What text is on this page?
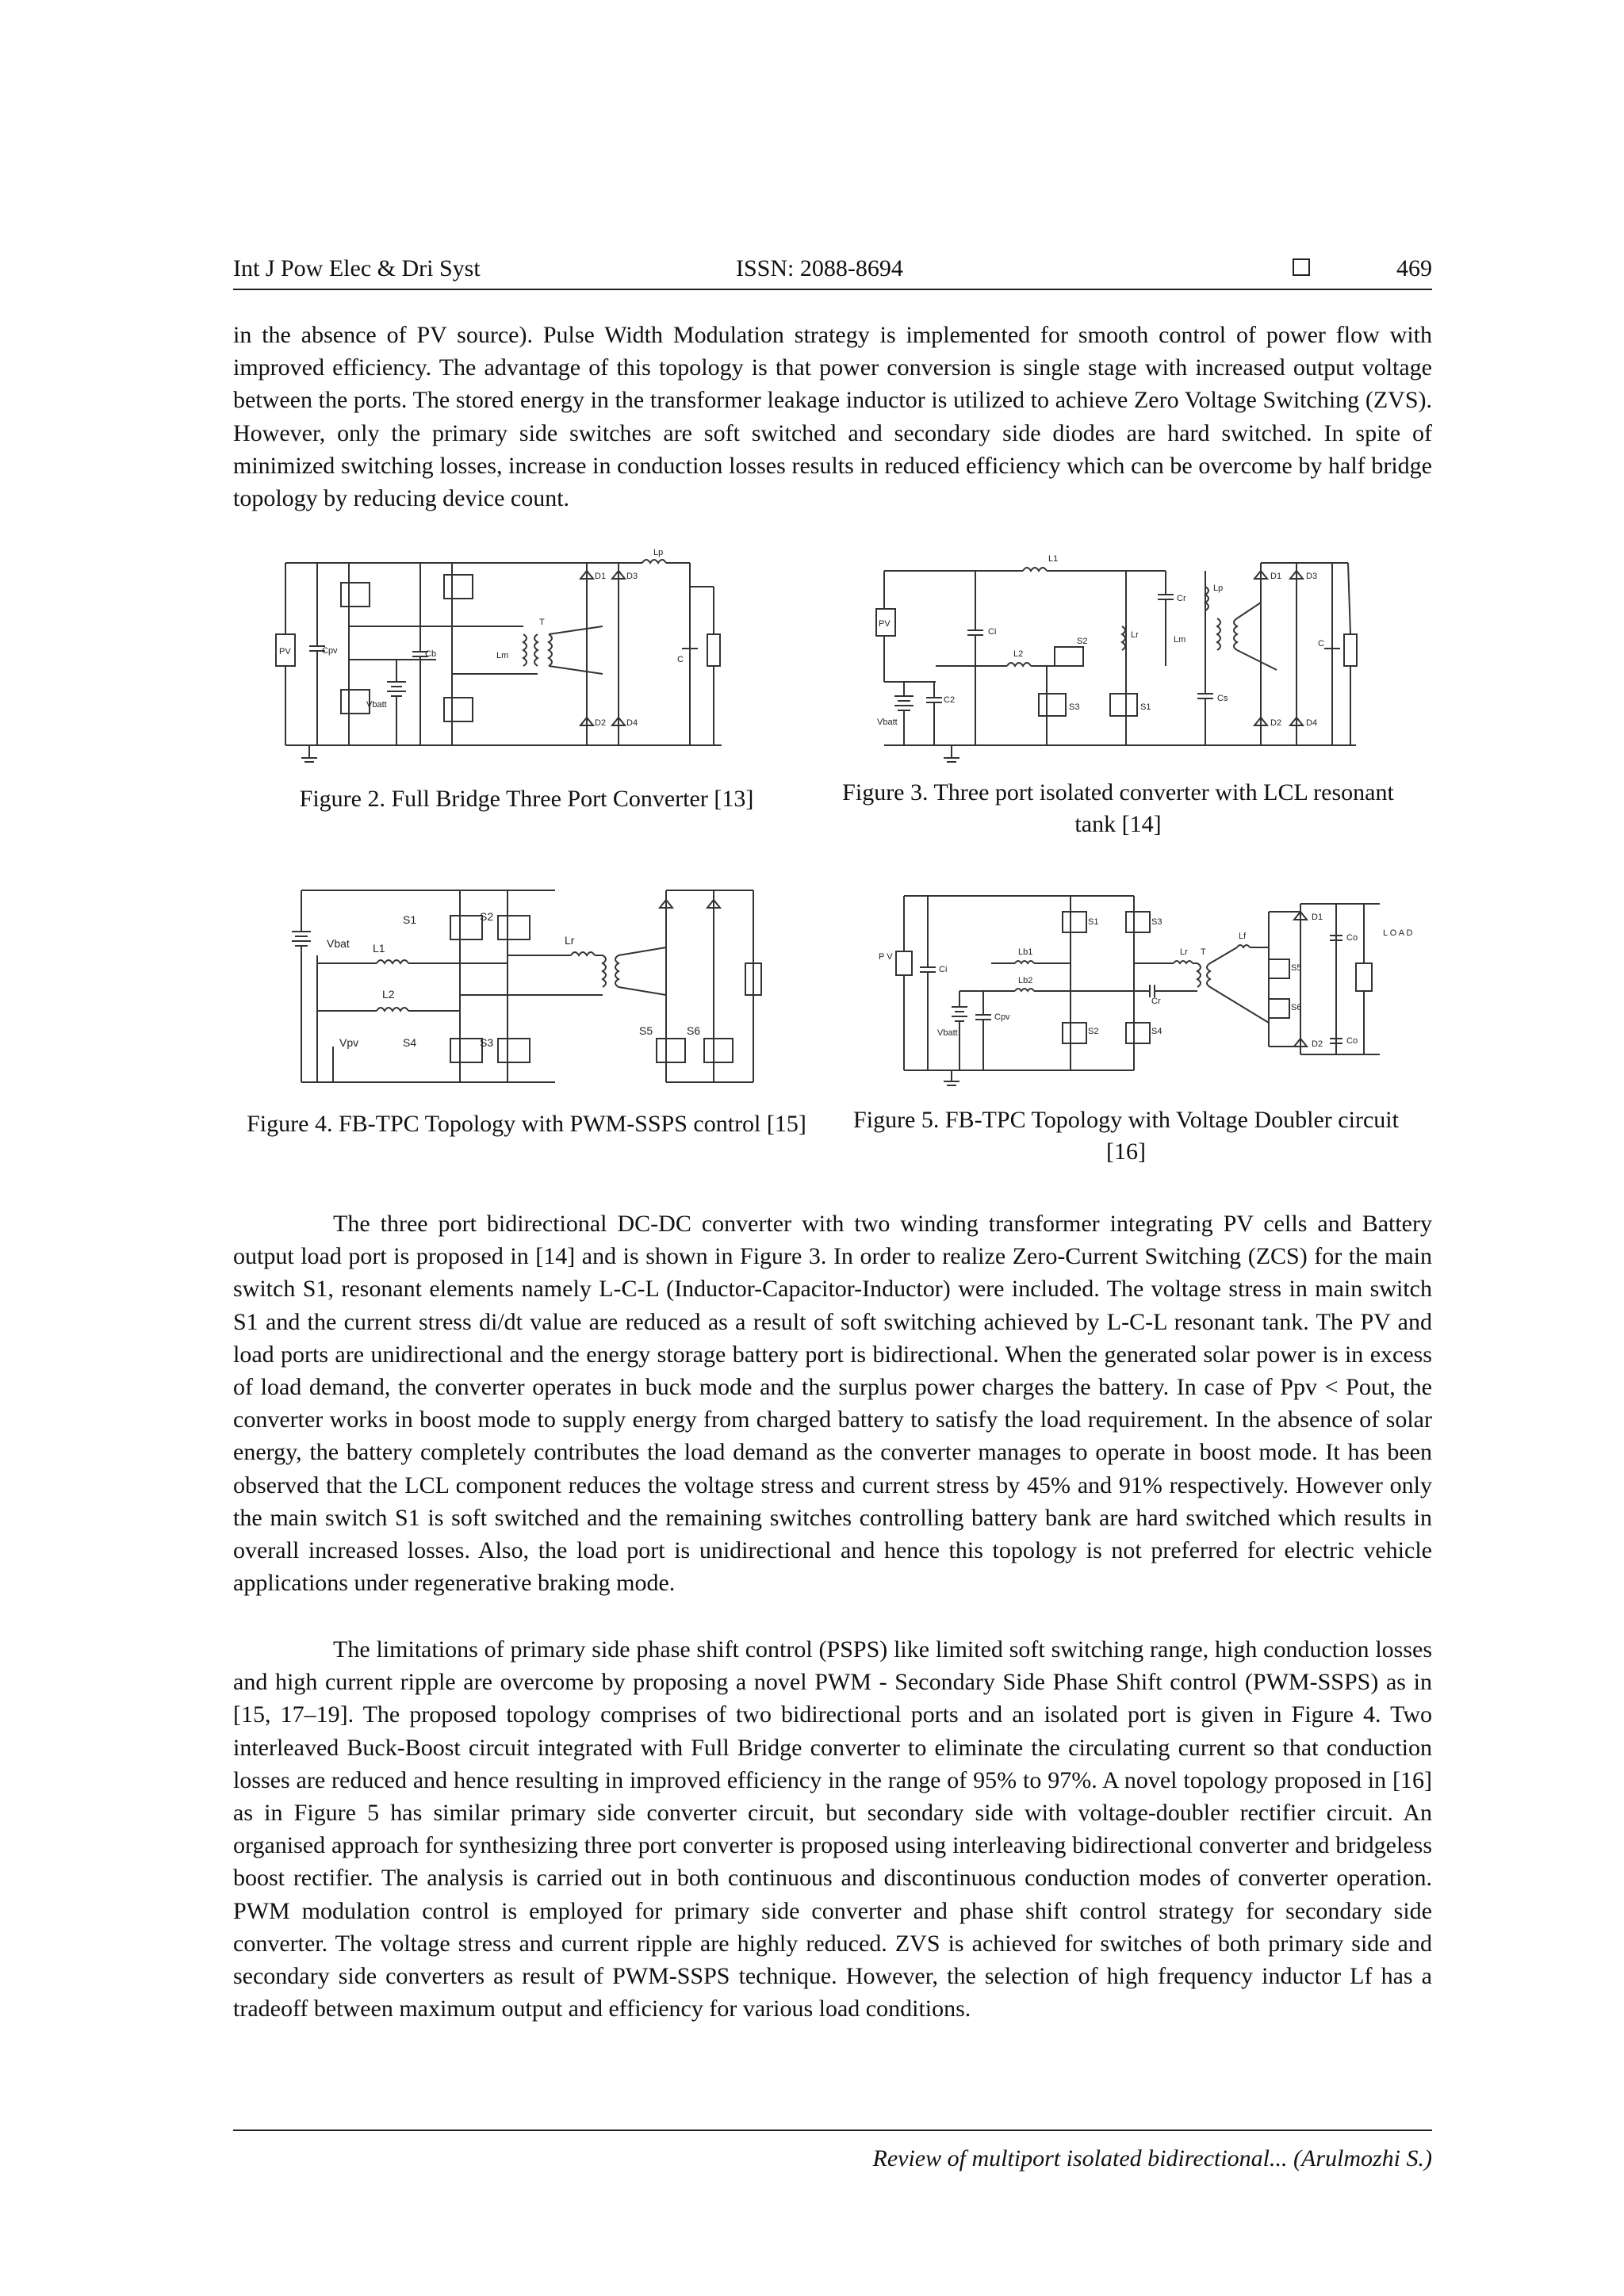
Int J Pow Elec & Dri Syst	ISSN: 2088-8694	469

in the absence of PV source). Pulse Width Modulation strategy is implemented for smooth control of power flow with improved efficiency. The advantage of this topology is that power conversion is single stage with increased output voltage between the ports. The stored energy in the transformer leakage inductor is utilized to achieve Zero Voltage Switching (ZVS). However, only the primary side switches are soft switched and secondary side diodes are hard switched. In spite of minimized switching losses, increase in conduction losses results in reduced efficiency which can be overcome by half bridge topology by reducing device count.

PV	Cpv
Vbatt
Cb	Lm
T
D1 D3
D2 D4
Lp
C

Figure 2. Full Bridge Three Port Converter [13]

L1
PV
Vbatt
C2
Ci
L2
S2
S3	S1
Lr
Cr
Cs
Lp
Lm
D1	D3
D2	D4
C

Figure 3. Three port isolated converter with LCL resonant tank [14]

Vbat L1
L2
Vpv
S1
S4
S2
S3
Lr
S5	S6

Figure 4. FB-TPC Topology with PWM-SSPS control [15]

P V
Ci
Vbatt
Cpv
Lb1
Lb2
S1
S2
S3
S4
Lr
Cr
T
Lf
S5
S6
D1
D2
Co
Co
L O A D

Figure 5. FB-TPC Topology with Voltage Doubler circuit [16]

The three port bidirectional DC-DC converter with two winding transformer integrating PV cells and Battery output load port is proposed in [14] and is shown in Figure 3. In order to realize Zero-Current Switching (ZCS) for the main switch S1, resonant elements namely L-C-L (Inductor-Capacitor-Inductor) were included. The voltage stress in main switch S1 and the current stress di/dt value are reduced as a result of soft switching achieved by L-C-L resonant tank. The PV and load ports are unidirectional and the energy storage battery port is bidirectional. When the generated solar power is in excess of load demand, the converter operates in buck mode and the surplus power charges the battery. In case of Ppv < Pout, the converter works in boost mode to supply energy from charged battery to satisfy the load requirement. In the absence of solar energy, the battery completely contributes the load demand as the converter manages to operate in boost mode. It has been observed that the LCL component reduces the voltage stress and current stress by 45% and 91% respectively. However only the main switch S1 is soft switched and the remaining switches controlling battery bank are hard switched which results in overall increased losses. Also, the load port is unidirectional and hence this topology is not preferred for electric vehicle applications under regenerative braking mode.

The limitations of primary side phase shift control (PSPS) like limited soft switching range, high conduction losses and high current ripple are overcome by proposing a novel PWM - Secondary Side Phase Shift control (PWM-SSPS) as in [15, 17–19]. The proposed topology comprises of two bidirectional ports and an isolated port is given in Figure 4. Two interleaved Buck-Boost circuit integrated with Full Bridge converter to eliminate the circulating current so that conduction losses are reduced and hence resulting in improved efficiency in the range of 95% to 97%. A novel topology proposed in [16] as in Figure 5 has similar primary side converter circuit, but secondary side with voltage-doubler rectifier circuit. An organised approach for synthesizing three port converter is proposed using interleaving bidirectional converter and bridgeless boost rectifier. The analysis is carried out in both continuous and discontinuous conduction modes of converter operation. PWM modulation control is employed for primary side converter and phase shift control strategy for secondary side converter. The voltage stress and current ripple are highly reduced. ZVS is achieved for switches of both primary side and secondary side converters as result of PWM-SSPS technique. However, the selection of high frequency inductor Lf has a tradeoff between maximum output and efficiency for various load conditions.

Review of multiport isolated bidirectional... (Arulmozhi S.)
